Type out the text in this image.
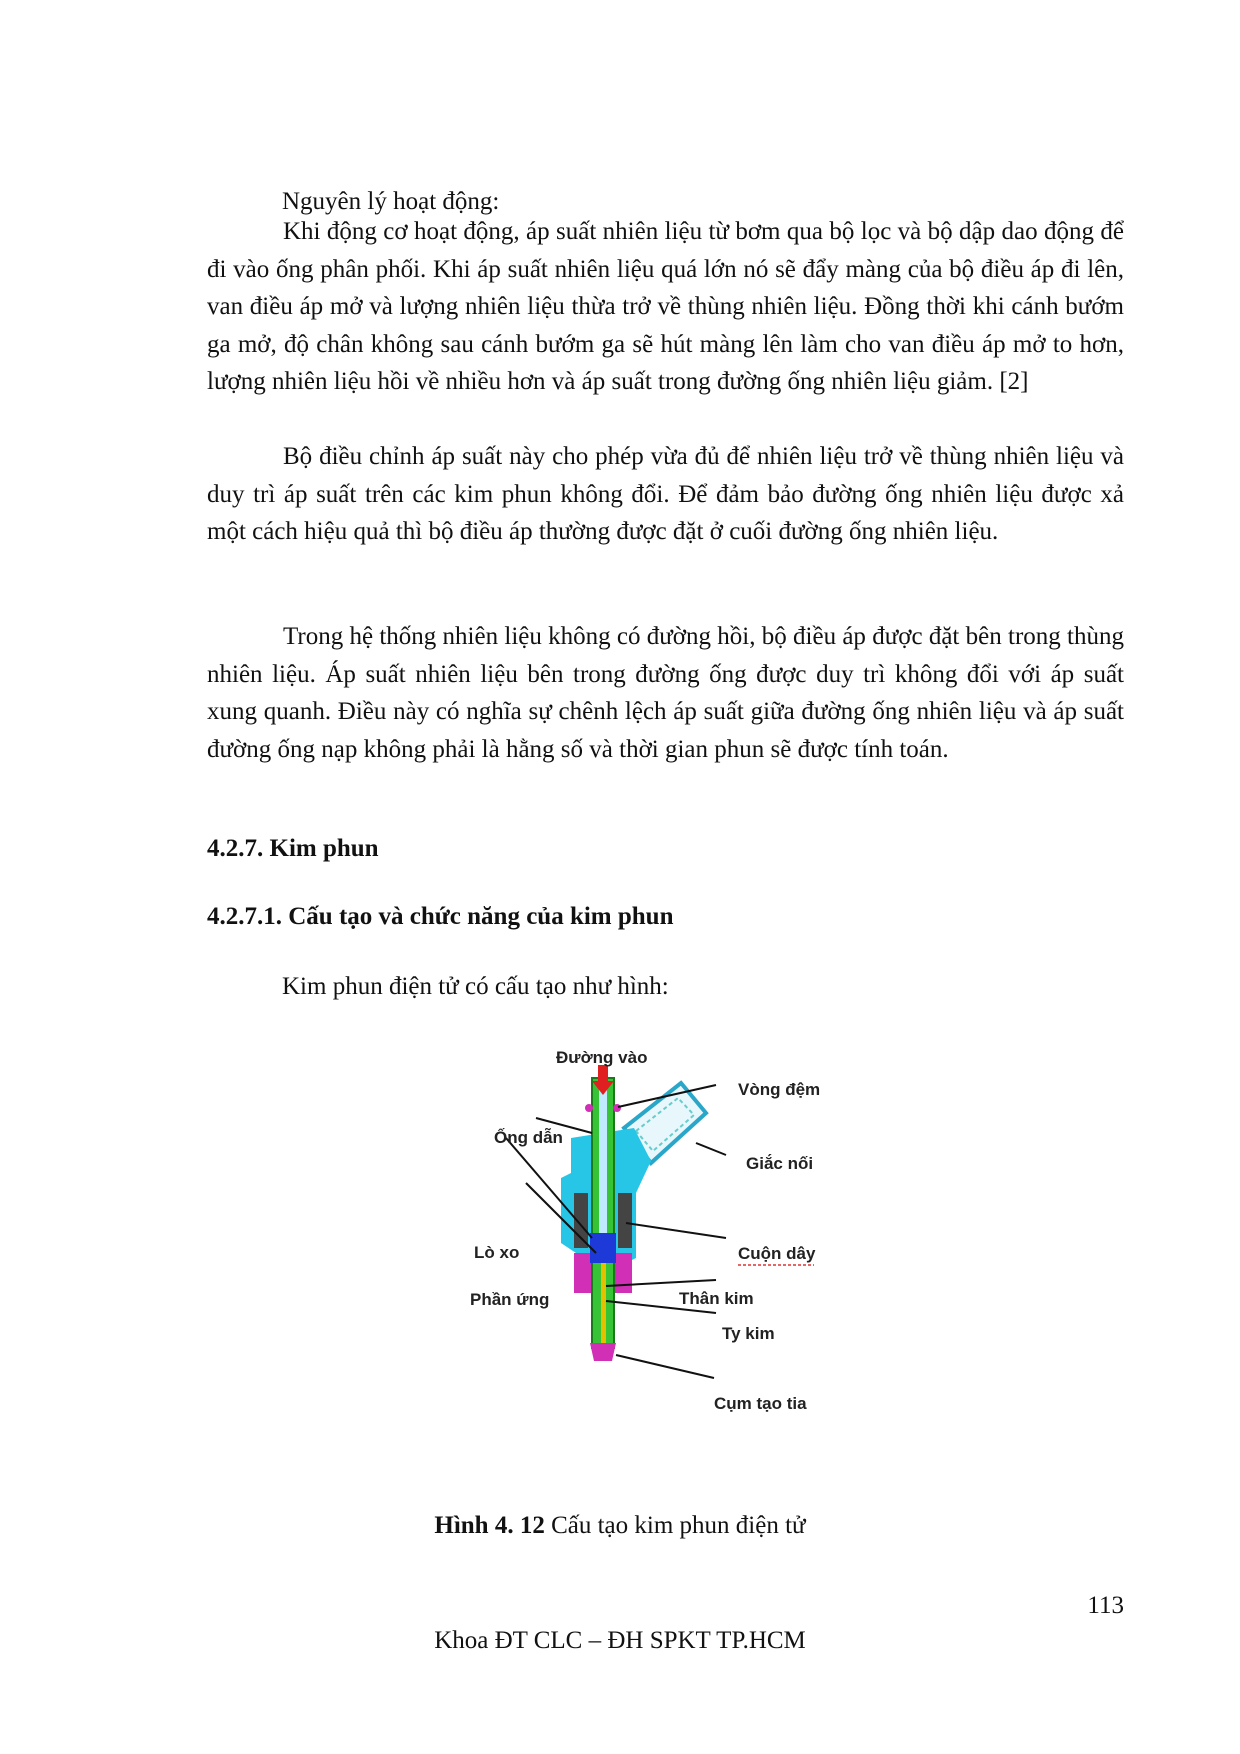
Nguyên lý hoạt động:

Khi động cơ hoạt động, áp suất nhiên liệu từ bơm qua bộ lọc và bộ dập dao động để đi vào ống phân phối. Khi áp suất nhiên liệu quá lớn nó sẽ đẩy màng của bộ điều áp đi lên, van điều áp mở và lượng nhiên liệu thừa trở về thùng nhiên liệu. Đồng thời khi cánh bướm ga mở, độ chân không sau cánh bướm ga sẽ hút màng lên làm cho van điều áp mở to hơn, lượng nhiên liệu hồi về nhiều hơn và áp suất trong đường ống nhiên liệu giảm. [2]

Bộ điều chỉnh áp suất này cho phép vừa đủ để nhiên liệu trở về thùng nhiên liệu và duy trì áp suất trên các kim phun không đổi. Để đảm bảo đường ống nhiên liệu được xả một cách hiệu quả thì bộ điều áp thường được đặt ở cuối đường ống nhiên liệu.

Trong hệ thống nhiên liệu không có đường hồi, bộ điều áp được đặt bên trong thùng nhiên liệu. Áp suất nhiên liệu bên trong đường ống được duy trì không đổi với áp suất xung quanh. Điều này có nghĩa sự chênh lệch áp suất giữa đường ống nhiên liệu và áp suất đường ống nạp không phải là hằng số và thời gian phun sẽ được tính toán.

4.2.7. Kim phun

4.2.7.1. Cấu tạo và chức năng của kim phun

Kim phun điện tử có cấu tạo như hình:

Đường vào
Vòng đệm
Ống dẫn
Giắc nối
Lò xo	Cuộn dây
Phần ứng	Thân kim
Ty kim
Cụm tạo tia

Hình 4. 12 Cấu tạo kim phun điện tử

113

Khoa ĐT CLC – ĐH SPKT TP.HCM
